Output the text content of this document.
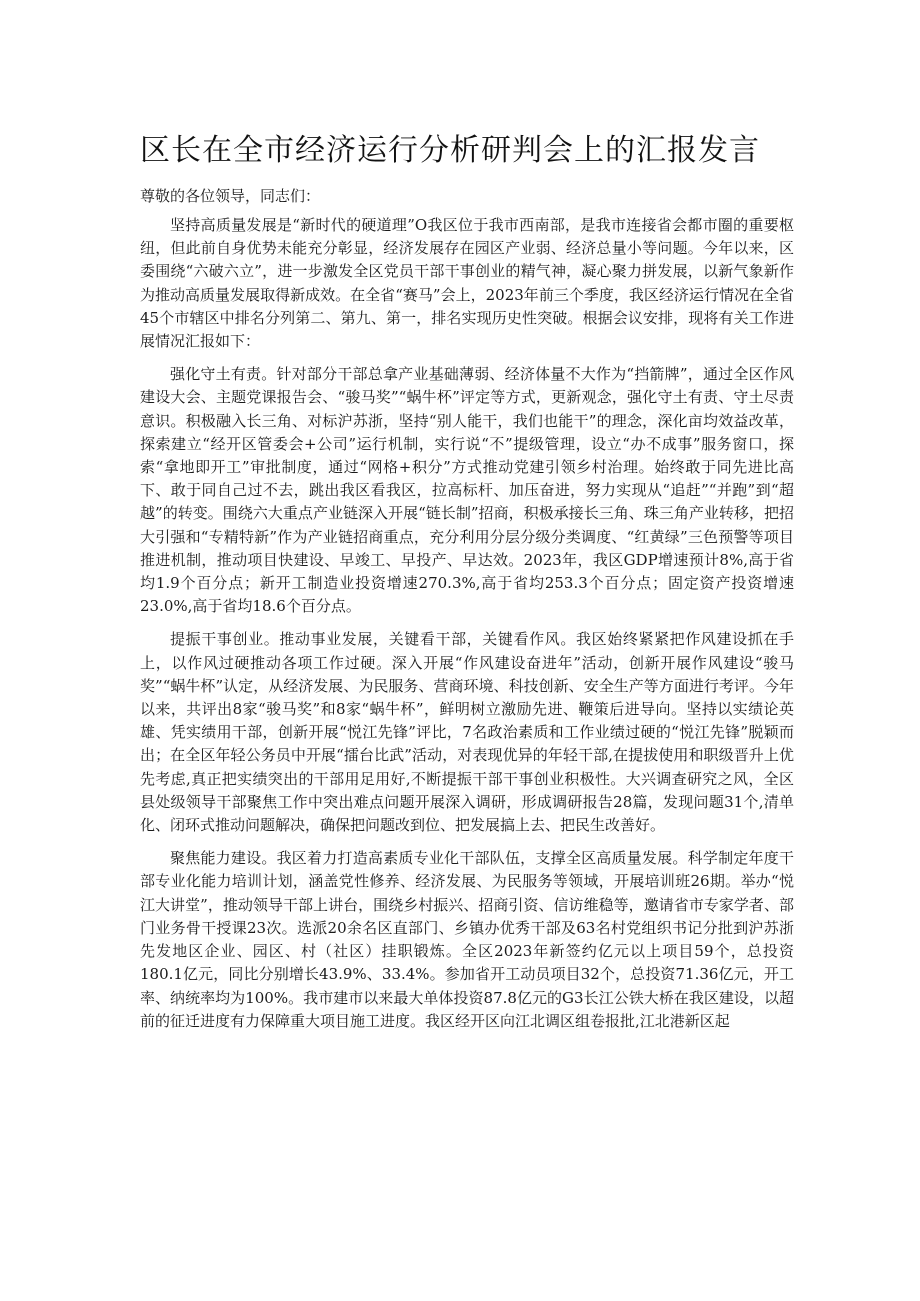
区长在全市经济运行分析研判会上的汇报发言

尊敬的各位领导，同志们：

坚持高质量发展是“新时代的硬道理”O我区位于我市西南部，是我市连接省会都市圈的重要枢纽，但此前自身优势未能充分彰显，经济发展存在园区产业弱、经济总量小等问题。今年以来，区委围绕“六破六立”，进一步激发全区党员干部干事创业的精气神，凝心聚力拼发展，以新气象新作为推动高质量发展取得新成效。在全省“赛马”会上，2023年前三个季度，我区经济运行情况在全省45个市辖区中排名分列第二、第九、第一，排名实现历史性突破。根据会议安排，现将有关工作进展情况汇报如下：

强化守土有责。针对部分干部总拿产业基础薄弱、经济体量不大作为“挡箭牌”，通过全区作风建设大会、主题党课报告会、“骏马奖”“蜗牛杯”评定等方式，更新观念，强化守土有责、守土尽责意识。积极融入长三角、对标沪苏浙，坚持“别人能干，我们也能干”的理念，深化亩均效益改革，探索建立“经开区管委会+公司”运行机制，实行说“不”提级管理，设立“办不成事”服务窗口，探索“拿地即开工”审批制度，通过“网格+积分”方式推动党建引领乡村治理。始终敢于同先进比高下、敢于同自己过不去，跳出我区看我区，拉高标杆、加压奋进，努力实现从“追赶”“并跑”到“超越”的转变。围绕六大重点产业链深入开展“链长制”招商，积极承接长三角、珠三角产业转移，把招大引强和“专精特新”作为产业链招商重点，充分利用分层分级分类调度、“红黄绿”三色预警等项目推进机制，推动项目快建设、早竣工、早投产、早达效。2023年，我区GDP增速预计8%,高于省均1.9个百分点；新开工制造业投资增速270.3%,高于省均253.3个百分点；固定资产投资增速23.0%,高于省均18.6个百分点。

提振干事创业。推动事业发展，关键看干部，关键看作风。我区始终紧紧把作风建设抓在手上，以作风过硬推动各项工作过硬。深入开展“作风建设奋进年”活动，创新开展作风建设“骏马奖”“蜗牛杯”认定，从经济发展、为民服务、营商环境、科技创新、安全生产等方面进行考评。今年以来，共评出8家“骏马奖”和8家“蜗牛杯”，鲜明树立激励先进、鞭策后进导向。坚持以实绩论英雄、凭实绩用干部，创新开展“悦江先锋”评比，7名政治素质和工作业绩过硬的“悦江先锋”脱颖而出；在全区年轻公务员中开展“擂台比武”活动，对表现优异的年轻干部,在提拔使用和职级晋升上优先考虑,真正把实绩突出的干部用足用好,不断提振干部干事创业积极性。大兴调查研究之风，全区县处级领导干部聚焦工作中突出难点问题开展深入调研，形成调研报告28篇，发现问题31个,清单化、闭环式推动问题解决，确保把问题改到位、把发展搞上去、把民生改善好。

聚焦能力建设。我区着力打造高素质专业化干部队伍，支撑全区高质量发展。科学制定年度干部专业化能力培训计划，涵盖党性修养、经济发展、为民服务等领域，开展培训班26期。举办“悦江大讲堂”，推动领导干部上讲台，围绕乡村振兴、招商引资、信访维稳等，邀请省市专家学者、部门业务骨干授课23次。选派20余名区直部门、乡镇办优秀干部及63名村党组织书记分批到沪苏浙先发地区企业、园区、村（社区）挂职锻炼。全区2023年新签约亿元以上项目59个，总投资180.1亿元，同比分别增长43.9%、33.4%。参加省开工动员项目32个，总投资71.36亿元，开工率、纳统率均为100%。我市建市以来最大单体投资87.8亿元的G3长江公铁大桥在我区建设，以超前的征迁进度有力保障重大项目施工进度。我区经开区向江北调区组卷报批,江北港新区起
